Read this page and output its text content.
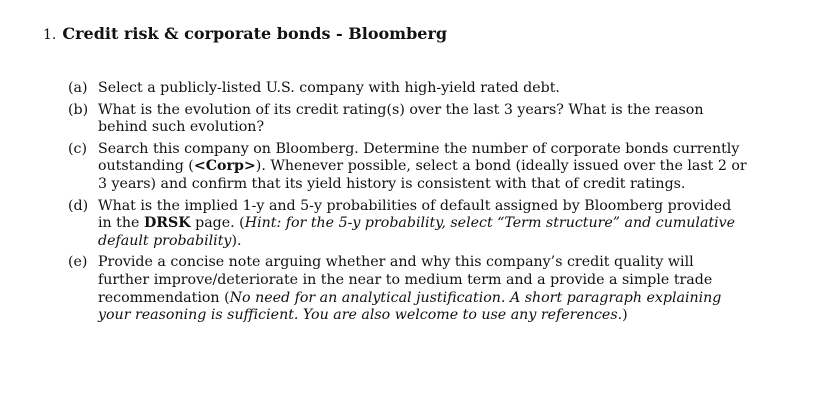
1. Credit risk & corporate bonds - Bloomberg
(a) Select a publicly-listed U.S. company with high-yield rated debt.
(b) What is the evolution of its credit rating(s) over the last 3 years? What is the reason behind such evolution?
(c) Search this company on Bloomberg. Determine the number of corporate bonds currently outstanding (<Corp>). Whenever possible, select a bond (ideally issued over the last 2 or 3 years) and confirm that its yield history is consistent with that of credit ratings.
(d) What is the implied 1-y and 5-y probabilities of default assigned by Bloomberg provided in the DRSK page. (Hint: for the 5-y probability, select “Term structure” and cumulative default probability).
(e) Provide a concise note arguing whether and why this company’s credit quality will further improve/deteriorate in the near to medium term and a provide a simple trade recommendation (No need for an analytical justification. A short paragraph explaining your reasoning is sufficient. You are also welcome to use any references.)
